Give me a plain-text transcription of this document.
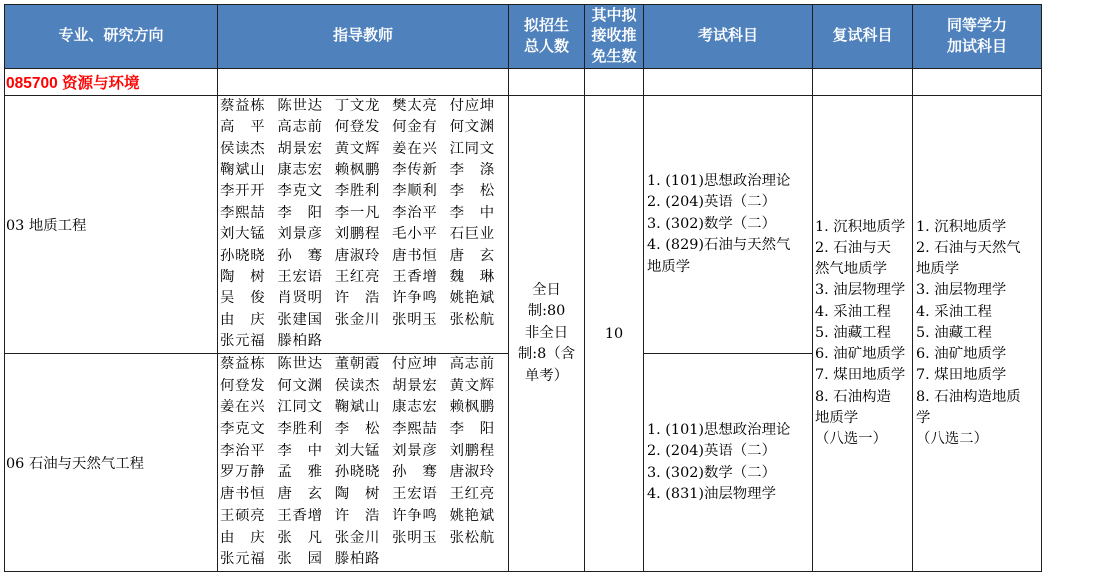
专业、研究方向	指导教师
拟招生
总人数
其中拟
接收推
免生数
考试科目	复试科目
同等学力
加试科目
085700 资源与环境
03 地质工程
蔡益栋 陈世达 丁文龙 樊太亮 付应坤
高 平 高志前 何登发 何金有 何文渊
侯读杰 胡景宏 黄文辉 姜在兴 江同文
鞠斌山 康志宏 赖枫鹏 李传新 李 涤
李开开 李克文 李胜利 李顺利 李 松
李熙喆 李 阳 李一凡 李治平 李 中
刘大锰 刘景彦 刘鹏程 毛小平 石巨业
孙晓晓 孙 骞 唐淑玲 唐书恒 唐 玄
陶 树 王宏语 王红亮 王香增 魏 琳
吴 俊 肖贤明 许 浩 许争鸣 姚艳斌
由 庆 张建国 张金川 张明玉 张松航
张元福 滕柏路
全日
制:80
非全日
制:8（含
单考）
10
1. (101)思想政治理论
2. (204)英语（二）
3. (302)数学（二）
4. (829)石油与天然气
地质学
1. 沉积地质学
2. 石油与天
然气地质学
3. 油层物理学
4. 采油工程
5. 油藏工程
6. 油矿地质学
7. 煤田地质学
8. 石油构造
地质学
（八选一）
1. 沉积地质学
2. 石油与天然气
地质学
3. 油层物理学
4. 采油工程
5. 油藏工程
6. 油矿地质学
7. 煤田地质学
8. 石油构造地质
学
（八选二）
06 石油与天然气工程
蔡益栋 陈世达 董朝霞 付应坤 高志前
何登发 何文渊 侯读杰 胡景宏 黄文辉
姜在兴 江同文 鞠斌山 康志宏 赖枫鹏
李克文 李胜利 李 松 李熙喆 李 阳
李治平 李 中 刘大锰 刘景彦 刘鹏程
罗万静 孟 雅 孙晓晓 孙 骞 唐淑玲
唐书恒 唐 玄 陶 树 王宏语 王红亮
王硕亮 王香增 许 浩 许争鸣 姚艳斌
由 庆 张 凡 张金川 张明玉 张松航
张元福 张 园 滕柏路
1. (101)思想政治理论
2. (204)英语（二）
3. (302)数学（二）
4. (831)油层物理学
